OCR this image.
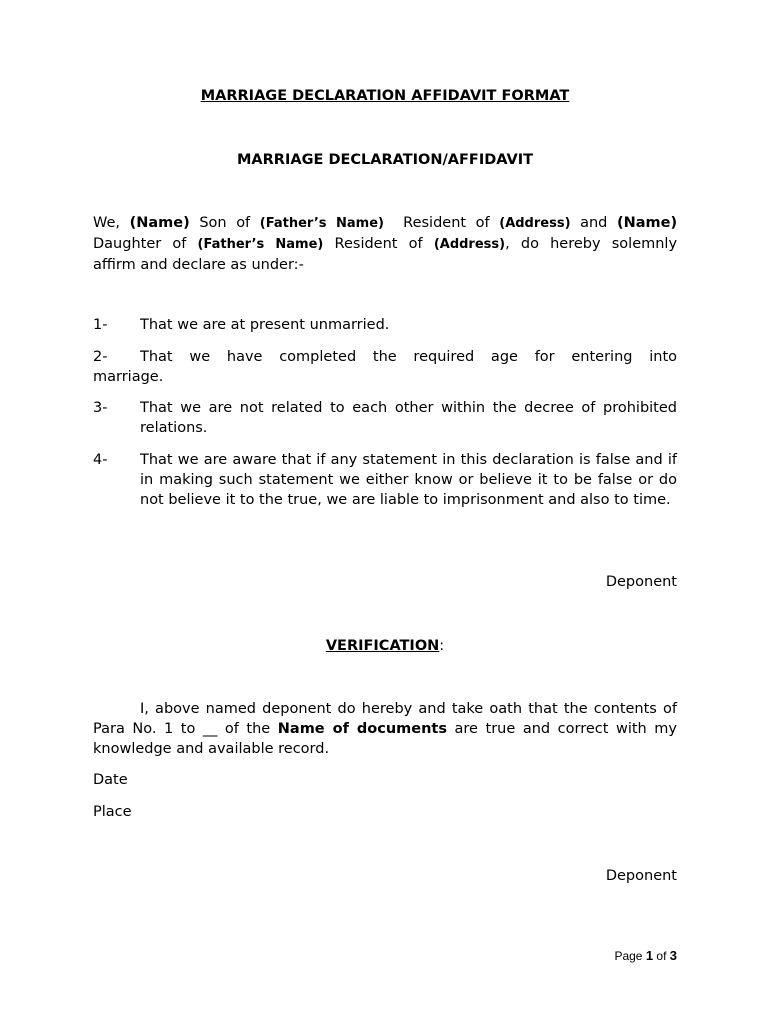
MARRIAGE DECLARATION AFFIDAVIT FORMAT
MARRIAGE DECLARATION/AFFIDAVIT
We, (Name) Son of (Father’s Name) Resident of (Address) and (Name)
Daughter of (Father’s Name) Resident of (Address), do hereby solemnly
affirm and declare as under:-
1- That we are at present unmarried.
2- That we have completed the required age for entering into
marriage.
3- That we are not related to each other within the decree of prohibited relations.
4- That we are aware that if any statement in this declaration is false and if in making such statement we either know or believe it to be false or do not believe it to the true, we are liable to imprisonment and also to time.
Deponent
VERIFICATION:
I, above named deponent do hereby and take oath that the contents of Para No. 1 to __ of the Name of documents are true and correct with my knowledge and available record.
Date
Place
Deponent
Page 1 of 3
